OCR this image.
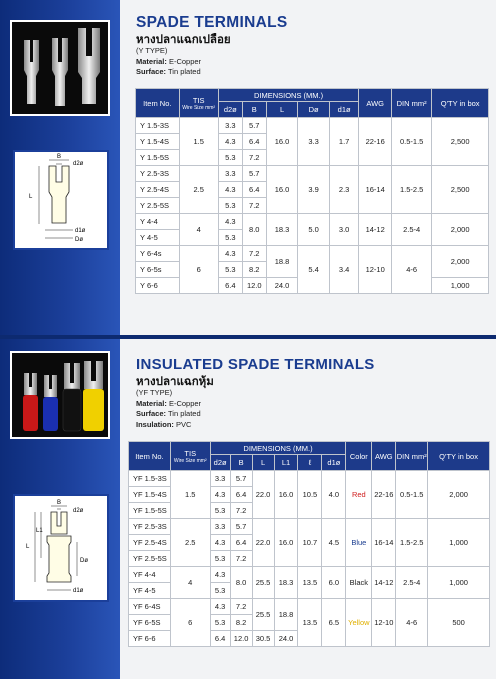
B
d2ø
L
d1ø
Dø
SPADE TERMINALS
หางปลาแฉกเปลือย
(Y TYPE)
Material: E-Copper
Surface: Tin plated
Item No.	TIS
Wire Size mm²	DIMENSIONS (MM.)					AWG	DIN mm²	Q'TY in box
		d2ø	B	L	Dø	d1ø			
Y 1.5-3S	1.5	3.3	5.7	16.0	3.3	1.7	22-16	0.5-1.5	2,500
Y 1.5-4S		4.3	6.4						
Y 1.5-5S		5.3	7.2						
Y 2.5-3S	2.5	3.3	5.7	16.0	3.9	2.3	16-14	1.5-2.5	2,500
Y 2.5-4S		4.3	6.4						
Y 2.5-5S		5.3	7.2						
Y 4-4	4	4.3	8.0	18.3	5.0	3.0	14-12	2.5-4	2,000
Y 4-5		5.3							
Y 6-4s	6	4.3	7.2	18.8	5.4	3.4	12-10	4-6	2,000
Y 6-5s		5.3	8.2						
Y 6-6		6.4	12.0	24.0					1,000
B
d2ø
L
L1
Dø
d1ø
INSULATED SPADE TERMINALS
หางปลาแฉกหุ้ม
(YF TYPE)
Material: E-Copper
Surface: Tin plated
Insulation: PVC
Item No.	TIS
Wire Size mm²	DIMENSIONS (MM.)						Color	AWG	DIN mm²	Q'TY in box
		d2ø	B	L	L1	ℓ	d1ø				
YF 1.5-3S	1.5	3.3	5.7	22.0	16.0	10.5	4.0	Red	22-16	0.5-1.5	2,000
YF 1.5-4S		4.3	6.4								
YF 1.5-5S		5.3	7.2								
YF 2.5-3S	2.5	3.3	5.7	22.0	16.0	10.7	4.5	Blue	16-14	1.5-2.5	1,000
YF 2.5-4S		4.3	6.4								
YF 2.5-5S		5.3	7.2								
YF 4-4	4	4.3	8.0	25.5	18.3	13.5	6.0	Black	14-12	2.5-4	1,000
YF 4-5		5.3									
YF 6-4S	6	4.3	7.2	25.5	18.8	13.5	6.5	Yellow	12-10	4-6	500
YF 6-5S		5.3	8.2								
YF 6-6		6.4	12.0	30.5	24.0						
